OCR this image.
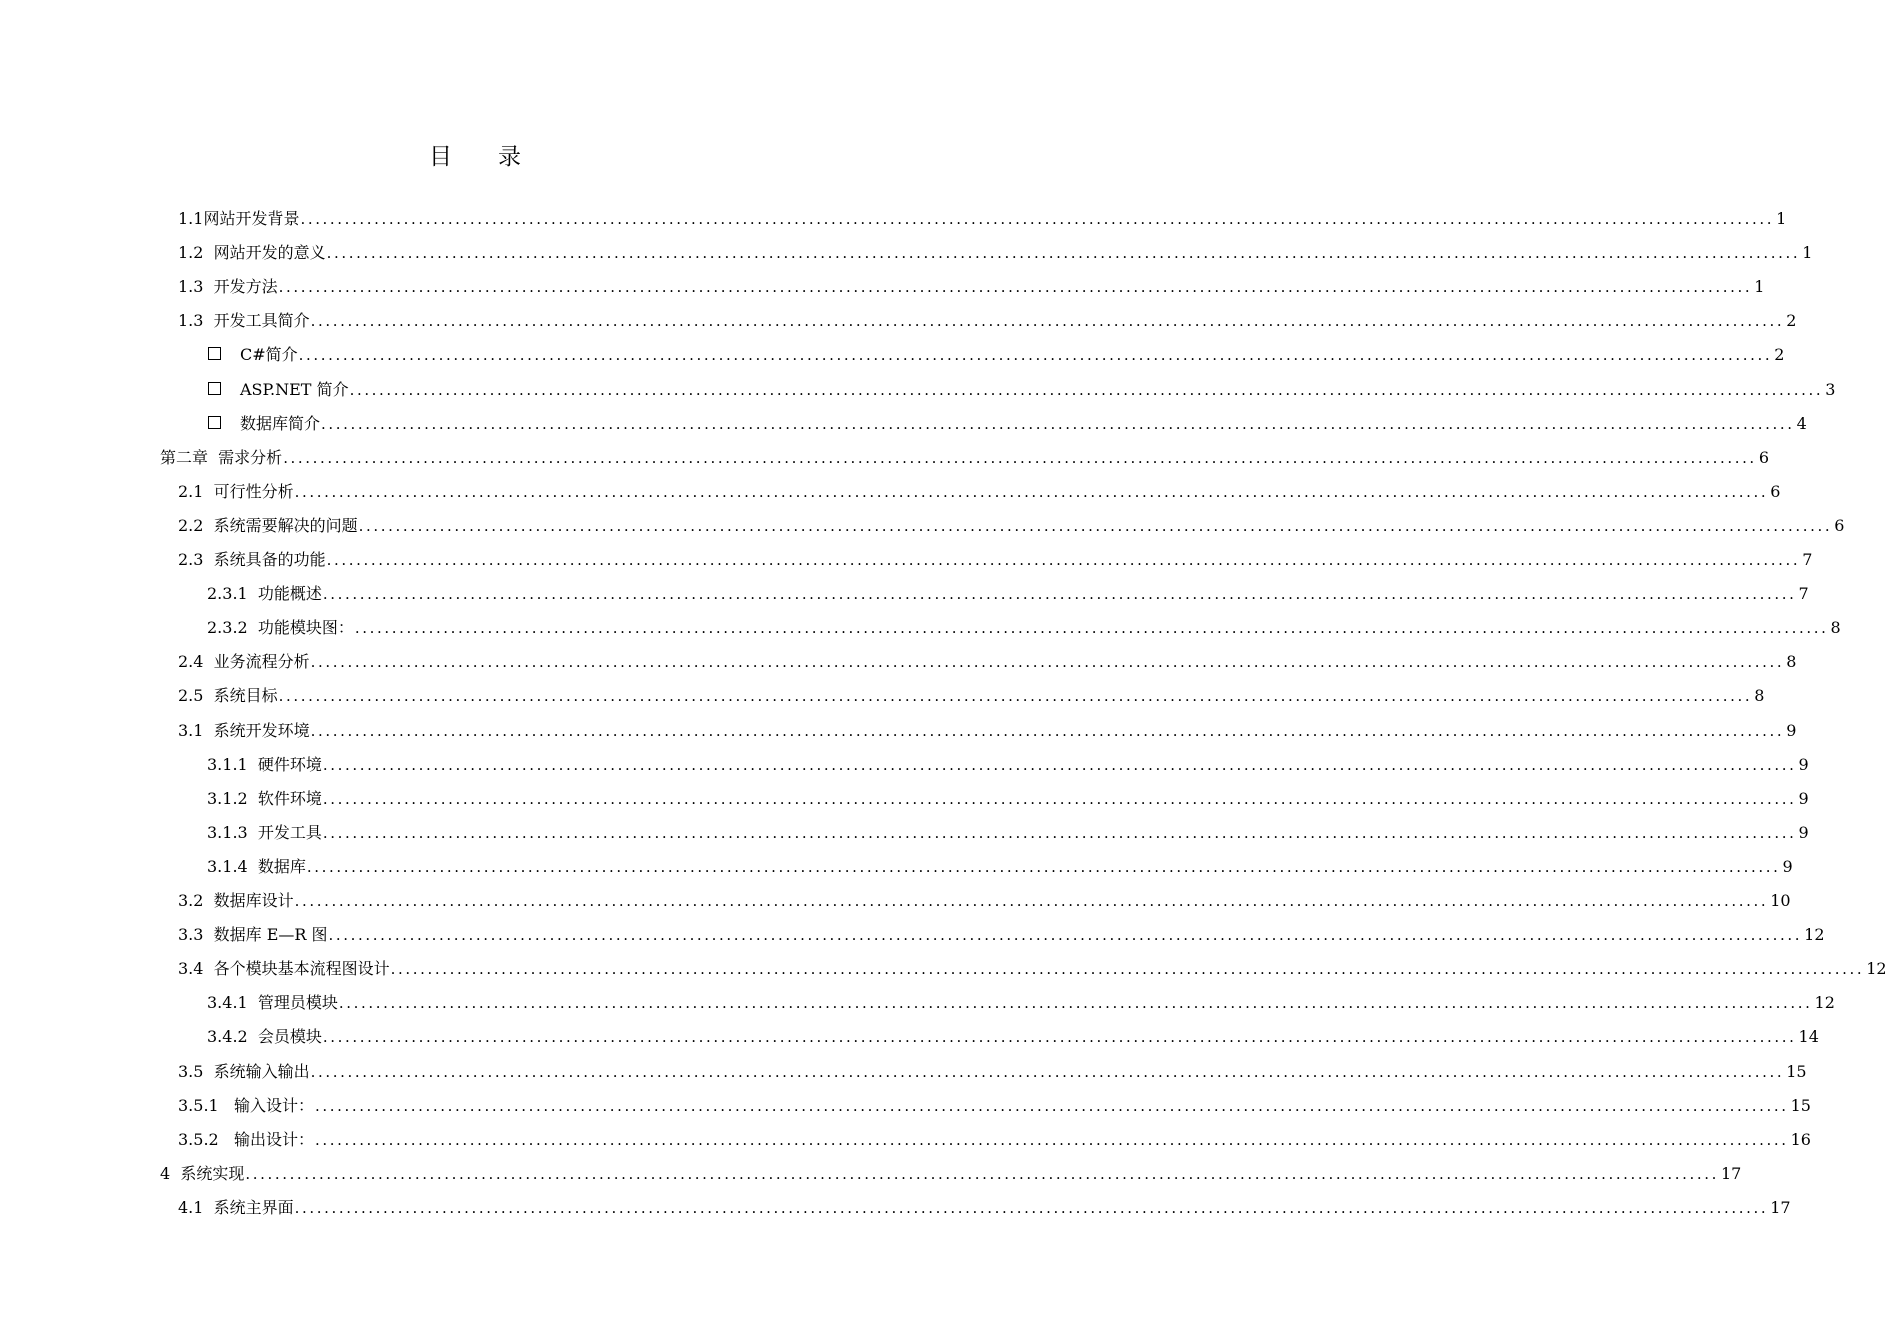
目录
1.1网站开发背景 ........................................................................................................................................................................................................ 1
1.2  网站开发的意义 ........................................................................................................................................................................................................ 1
1.3  开发方法 ........................................................................................................................................................................................................ 1
1.3  开发工具简介 ........................................................................................................................................................................................................ 2
C#简介 ........................................................................................................................................................................................................ 2
ASP.NET 简介 ........................................................................................................................................................................................................ 3
数据库简介 ........................................................................................................................................................................................................ 4
第二章  需求分析 ........................................................................................................................................................................................................ 6
2.1  可行性分析 ........................................................................................................................................................................................................ 6
2.2  系统需要解决的问题 ........................................................................................................................................................................................................ 6
2.3  系统具备的功能 ........................................................................................................................................................................................................ 7
2.3.1  功能概述 ........................................................................................................................................................................................................ 7
2.3.2  功能模块图： ........................................................................................................................................................................................................ 8
2.4  业务流程分析 ........................................................................................................................................................................................................ 8
2.5  系统目标 ........................................................................................................................................................................................................ 8
3.1  系统开发环境 ........................................................................................................................................................................................................ 9
3.1.1  硬件环境 ........................................................................................................................................................................................................ 9
3.1.2  软件环境 ........................................................................................................................................................................................................ 9
3.1.3  开发工具 ........................................................................................................................................................................................................ 9
3.1.4  数据库 ........................................................................................................................................................................................................ 9
3.2  数据库设计 ........................................................................................................................................................................................................ 10
3.3  数据库 E—R 图 ........................................................................................................................................................................................................ 12
3.4  各个模块基本流程图设计 ........................................................................................................................................................................................................ 12
3.4.1  管理员模块 ........................................................................................................................................................................................................ 12
3.4.2  会员模块 ........................................................................................................................................................................................................ 14
3.5  系统输入输出 ........................................................................................................................................................................................................ 15
3.5.1   输入设计： ........................................................................................................................................................................................................ 15
3.5.2   输出设计： ........................................................................................................................................................................................................ 16
4  系统实现 ........................................................................................................................................................................................................ 17
4.1  系统主界面 ........................................................................................................................................................................................................ 17
